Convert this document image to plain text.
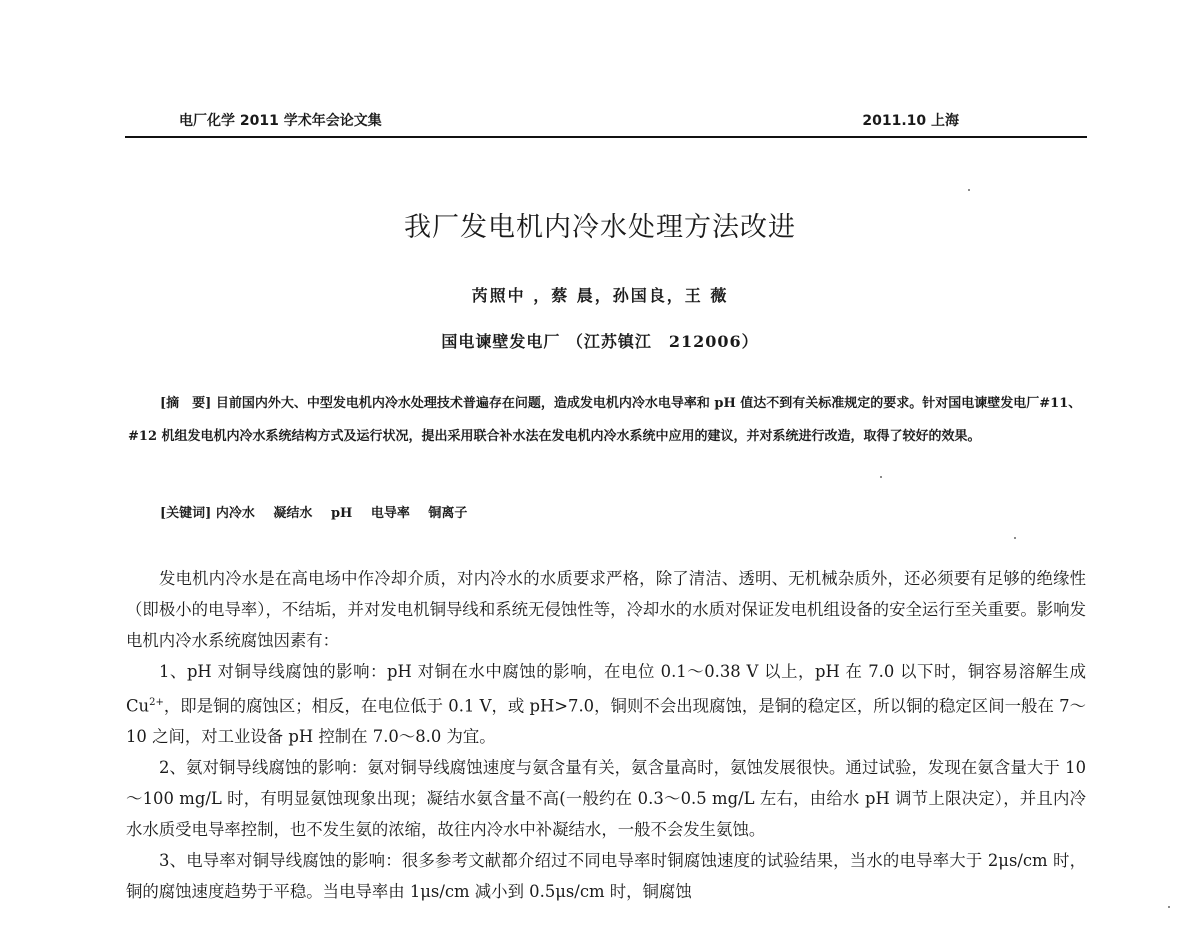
电厂化学 2011 学术年会论文集	2011.10 上海
我厂发电机内冷水处理方法改进
芮照中 ，蔡 晨，孙国良，王 薇
国电谏壁发电厂 （江苏镇江　212006）
[摘　要] 目前国内外大、中型发电机内冷水处理技术普遍存在问题，造成发电机内冷水电导率和 pH 值达不到有关标准规定的要求。针对国电谏壁发电厂#11、#12 机组发电机内冷水系统结构方式及运行状况，提出采用联合补水法在发电机内冷水系统中应用的建议，并对系统进行改造，取得了较好的效果。
[关键词] 内冷水 凝结水 pH 电导率 铜离子

发电机内冷水是在高电场中作冷却介质，对内冷水的水质要求严格，除了清洁、透明、无机械杂质外，还必须要有足够的绝缘性（即极小的电导率），不结垢，并对发电机铜导线和系统无侵蚀性等，冷却水的水质对保证发电机组设备的安全运行至关重要。影响发电机内冷水系统腐蚀因素有：

1、pH 对铜导线腐蚀的影响：pH 对铜在水中腐蚀的影响，在电位 0.1～0.38 V 以上，pH 在 7.0 以下时，铜容易溶解生成 $Cu^{2+}$，即是铜的腐蚀区；相反，在电位低于 0.1 V，或 pH>7.0，铜则不会出现腐蚀，是铜的稳定区，所以铜的稳定区间一般在 7～10 之间，对工业设备 pH 控制在 7.0～8.0 为宜。

2、氨对铜导线腐蚀的影响：氨对铜导线腐蚀速度与氨含量有关，氨含量高时，氨蚀发展很快。通过试验，发现在氨含量大于 10～100 mg/L 时，有明显氨蚀现象出现；凝结水氨含量不高(一般约在 0.3～0.5 mg/L 左右，由给水 pH 调节上限决定），并且内冷水水质受电导率控制，也不发生氨的浓缩，故往内冷水中补凝结水，一般不会发生氨蚀。

3、电导率对铜导线腐蚀的影响：很多参考文献都介绍过不同电导率时铜腐蚀速度的试验结果，当水的电导率大于 2μs/cm 时，铜的腐蚀速度趋势于平稳。当电导率由 1μs/cm 减小到 0.5μs/cm 时，铜腐蚀
